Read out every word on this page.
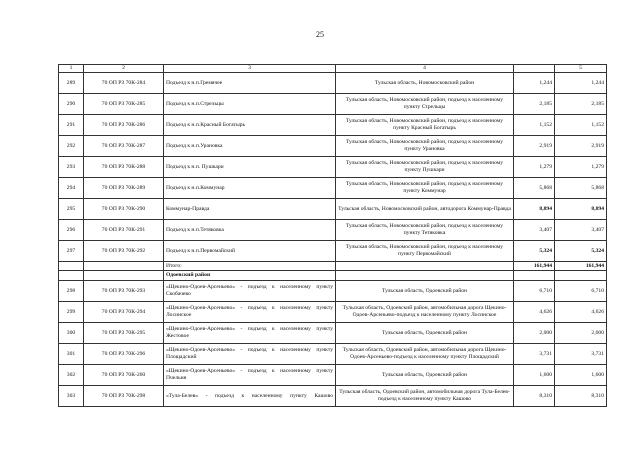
25
1	2	3	4		5
289	70 ОП РЗ 70К-284	Подъезд к н.п.Гремячее	Тульская область, Новомосковский район	1,244	1,244
290	70 ОП РЗ 70К-285	Подъезд к н.п.Стрельцы	Тульская область, Новомосковский район, подъезд к населенному пункту Стрельцы	2,185	2,185
291	70 ОП РЗ 70К-286	Подъезд к н.п.Красный Богатырь	Тульская область, Новомосковский район, подъезд к населенному пункту Красный Богатырь	1,152	1,152
292	70 ОП РЗ 70К-287	Подъезд к н.п.Урановка	Тульская область, Новомосковский район, подъезд к населенному пункту Урановка	2,919	2,919
293	70 ОП РЗ 70К-288	Подъезд к н.п. Пушкари	Тульская область, Новомосковский район, подъезд к населенному пункту Пушкари	1,279	1,279
294	70 ОП РЗ 70К-289	Подъезд к н.п.Коммунар	Тульская область, Новомосковский район, подъезд к населенному пункту Коммунар	5,868	5,868
295	70 ОП РЗ 70К-290	Коммунар-Правда	Тульская область, Новомосковский район, автодорога Коммунар-Правда	8,894	8,894
296	70 ОП РЗ 70К-291	Подъезд к н.п.Тетяковка	Тульская область, Новомосковский район, подъезд к населенному пункту Тетяковка	3,407	3,407
297	70 ОП РЗ 70К-292	Подъезд к н.п.Первомайский	Тульская область, Новомосковский район, подъезд к населенному пункту Первомайский	5,324	5,324
		Итого:		161,944	161,944
		Одоевский район			
298	70 ОП РЗ 70К-293	«Щекино-Одоев-Арсеньево» - подъезд к населенному пункту Скобачево	Тульская область, Одоевский район	6,710	6,710
299	70 ОП РЗ 70К-294	«Щекино-Одоев-Арсеньево» - подъезд к населенному пункту Лосинское	Тульская область, Одоевский район, автомобильная дорога Щекино-Одоев-Арсеньево-подъезд к населенному пункту Лосинское	4,626	4,626
300	70 ОП РЗ 70К-295	«Щекино-Одоев-Арсеньево» - подъезд к населенному пункту Жестовое	Тульская область, Одоевский район	2,000	2,000
301	70 ОП РЗ 70К-296	«Щекино-Одоев-Арсеньево» - подъезд к населенному пункту Площадский	Тульская область, Одоевский район, автомобильная дорога Щекино-Одоев-Арсеньево-подъезд к населенному пункту Площадский	3,731	3,731
302	70 ОП РЗ 70К-260	«Щекино-Одоев-Арсеньево» - подъезд к населенному пункту Пчельня	Тульская область, Одоевский район	1,600	1,600
303	70 ОП РЗ 70К-298	«Тула-Белев» - подъезд к населенному пункту Кашово	Тульская область, Одоевский район, автомобильная дорога Тула-Белев-подъезд к населенному пункту Кашово	8,310	8,310
